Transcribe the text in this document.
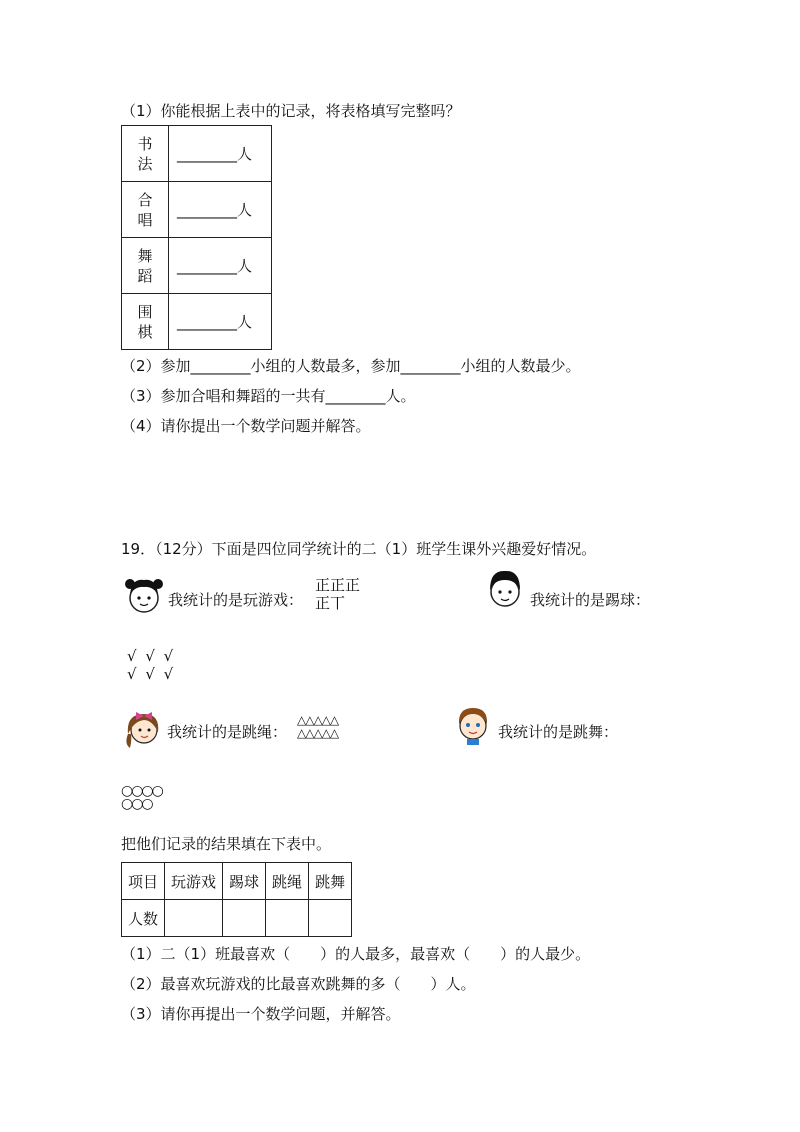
（1）你能根据上表中的记录，将表格填写完整吗？
书
法	________人
合
唱	________人
舞
蹈	________人
围
棋	________人
（2）参加________小组的人数最多，参加________小组的人数最少。
（3）参加合唱和舞蹈的一共有________人。
（4）请你提出一个数学问题并解答。
19．（12分）下面是四位同学统计的二（1）班学生课外兴趣爱好情况。
我统计的是玩游戏：
正正正
正丅	我统计的是踢球：
√ √ √
√ √ √
我统计的是跳绳：
△△△△△
△△△△△	我统计的是跳舞：
○○○○
○○○
把他们记录的结果填在下表中。
项目	玩游戏	踢球	跳绳	跳舞
人数				
（1）二（1）班最喜欢（　　）的人最多，最喜欢（　　）的人最少。
（2）最喜欢玩游戏的比最喜欢跳舞的多（　　）人。
（3）请你再提出一个数学问题，并解答。
